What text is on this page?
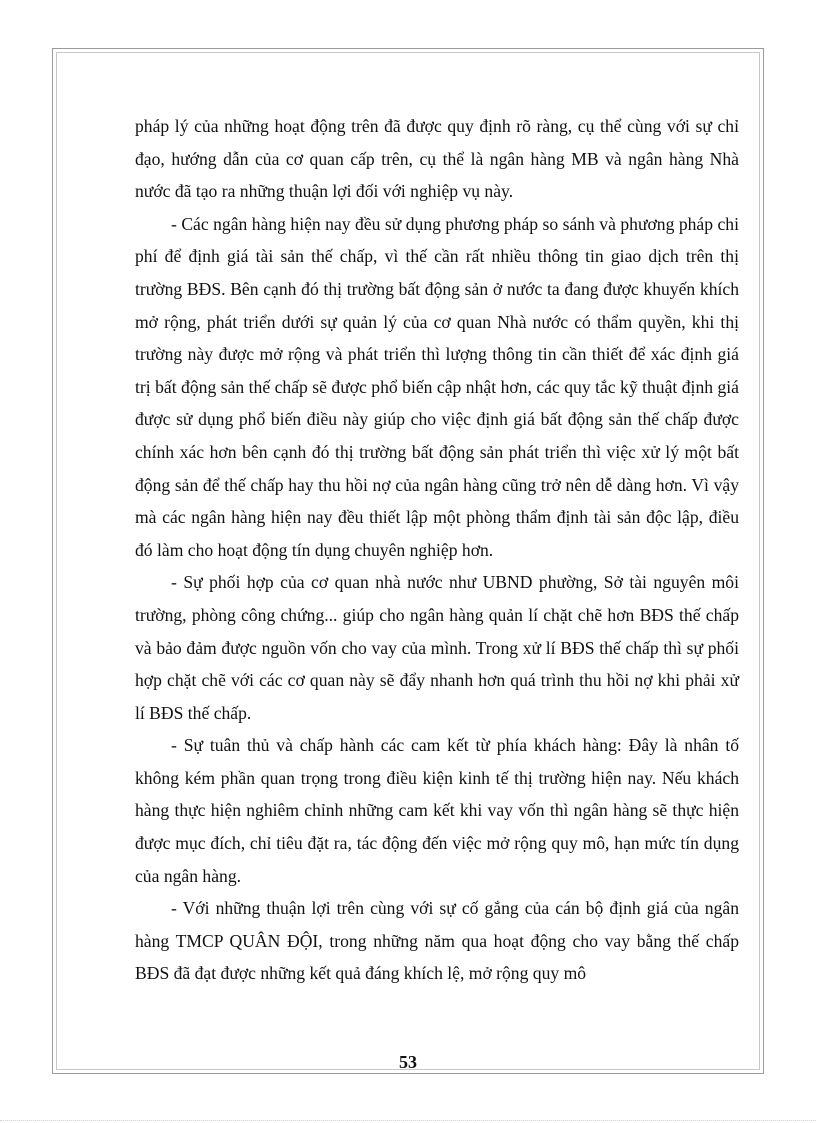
pháp lý của những hoạt động trên đã được quy định rõ ràng, cụ thể cùng với sự chỉ đạo, hướng dẫn của cơ quan cấp trên, cụ thể là ngân hàng MB và ngân hàng Nhà nước đã tạo ra những thuận lợi đối với nghiệp vụ này.

- Các ngân hàng hiện nay đều sử dụng phương pháp so sánh và phương pháp chi phí để định giá tài sản thế chấp, vì thế cần rất nhiều thông tin giao dịch trên thị trường BĐS. Bên cạnh đó thị trường bất động sản ở nước ta đang được khuyến khích mở rộng, phát triển dưới sự quản lý của cơ quan Nhà nước có thẩm quyền, khi thị trường này được mở rộng và phát triển thì lượng thông tin cần thiết để xác định giá trị bất động sản thế chấp sẽ được phổ biến cập nhật hơn, các quy tắc kỹ thuật định giá được sử dụng phổ biến điều này giúp cho việc định giá bất động sản thế chấp được chính xác hơn bên cạnh đó thị trường bất động sản phát triển thì việc xử lý một bất động sản để thế chấp hay thu hồi nợ của ngân hàng cũng trở nên dễ dàng hơn. Vì vậy mà các ngân hàng hiện nay đều thiết lập một phòng thẩm định tài sản độc lập, điều đó làm cho hoạt động tín dụng chuyên nghiệp hơn.

- Sự phối hợp của cơ quan nhà nước như UBND phường, Sở tài nguyên môi trường, phòng công chứng... giúp cho ngân hàng quản lí chặt chẽ hơn BĐS thế chấp và bảo đảm được nguồn vốn cho vay của mình. Trong xử lí BĐS thế chấp thì sự phối hợp chặt chẽ với các cơ quan này sẽ đẩy nhanh hơn quá trình thu hồi nợ khi phải xử lí BĐS thế chấp.

- Sự tuân thủ và chấp hành các cam kết từ phía khách hàng: Đây là nhân tố không kém phần quan trọng trong điều kiện kinh tế thị trường hiện nay. Nếu khách hàng thực hiện nghiêm chỉnh những cam kết khi vay vốn thì ngân hàng sẽ thực hiện được mục đích, chỉ tiêu đặt ra, tác động đến việc mở rộng quy mô, hạn mức tín dụng của ngân hàng.

- Với những thuận lợi trên cùng với sự cố gắng của cán bộ định giá của ngân hàng TMCP QUÂN ĐỘI, trong những năm qua hoạt động cho vay bằng thế chấp BĐS đã đạt được những kết quả đáng khích lệ, mở rộng quy mô

53
